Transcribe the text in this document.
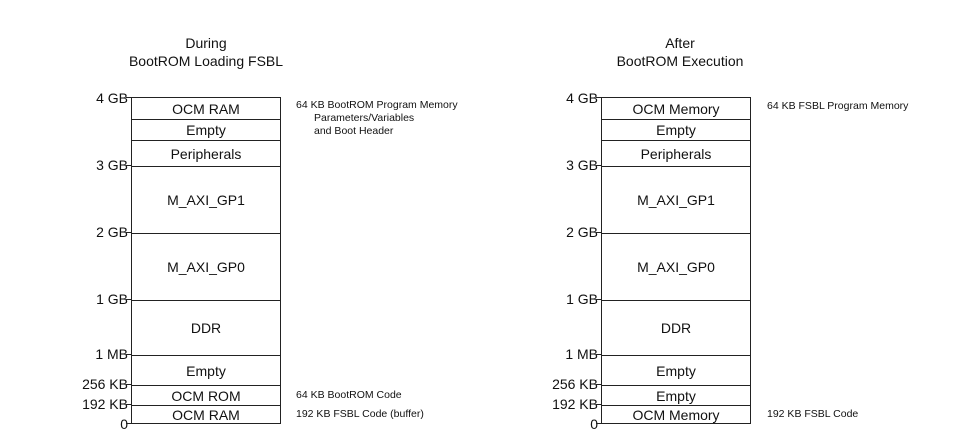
During
BootROM Loading FSBL
OCM RAM
Empty
Peripherals
M_AXI_GP1
M_AXI_GP0
DDR
Empty
OCM ROM
OCM RAM
4 GB
3 GB
2 GB
1 GB
1 MB
256 KB
192 KB
0
64 KB BootROM Program Memory
Parameters/Variables
and Boot Header
64 KB BootROM Code
192 KB FSBL Code (buffer)
After
BootROM Execution
OCM Memory
Empty
Peripherals
M_AXI_GP1
M_AXI_GP0
DDR
Empty
Empty
OCM Memory
4 GB
3 GB
2 GB
1 GB
1 MB
256 KB
192 KB
0
64 KB FSBL Program Memory
192 KB FSBL Code
